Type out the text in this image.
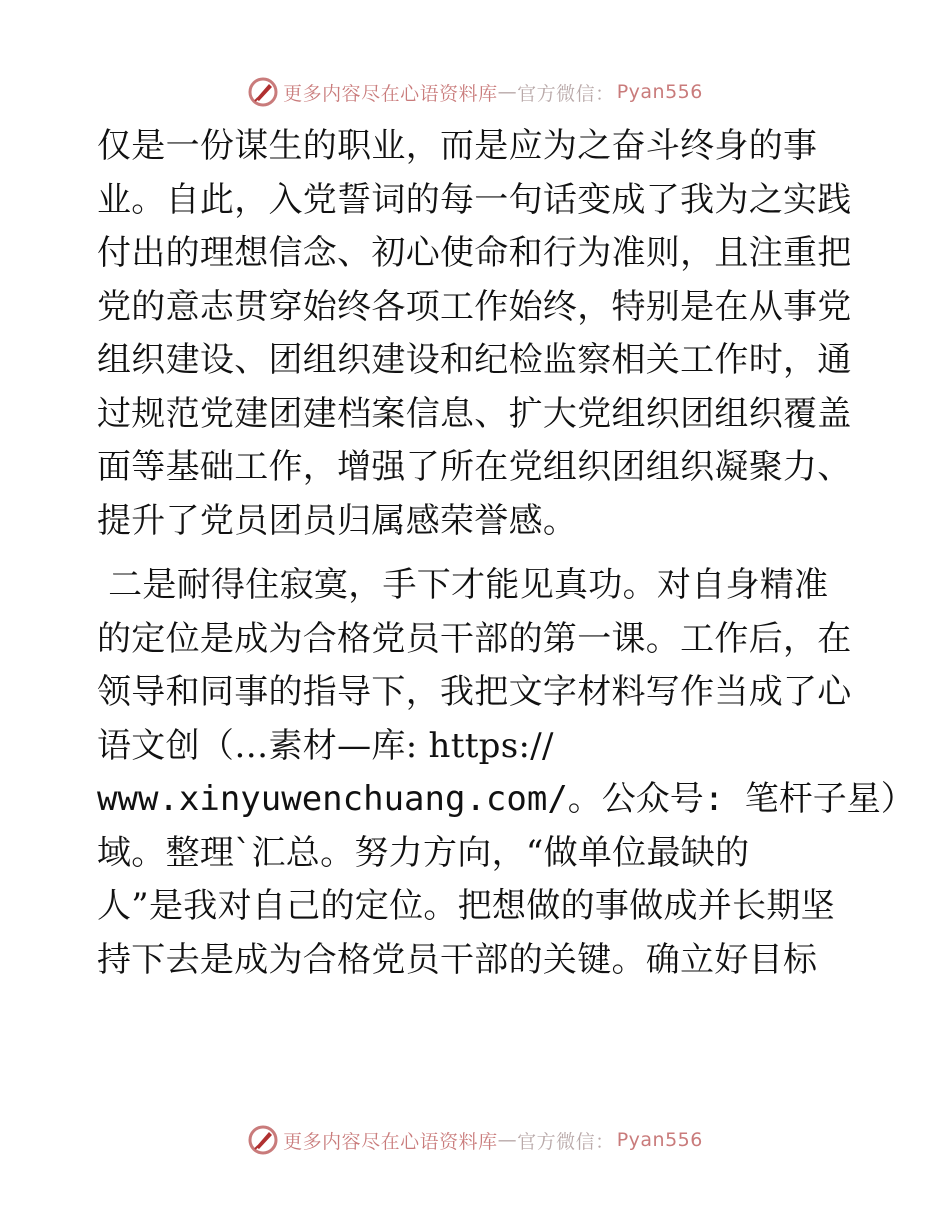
更多内容尽在心语资料库 — 官方微信： Pyan556

仅是一份谋生的职业，而是应为之奋斗终身的事
业。自此，入党誓词的每一句话变成了我为之实践
付出的理想信念、初心使命和行为准则，且注重把
党的意志贯穿始终各项工作始终，特别是在从事党
组织建设、团组织建设和纪检监察相关工作时，通
过规范党建团建档案信息、扩大党组织团组织覆盖
面等基础工作，增强了所在党组织团组织凝聚力、
提升了党员团员归属感荣誉感。

二是耐得住寂寞，手下才能见真功。对自身精准
的定位是成为合格党员干部的第一课。工作后，在
领导和同事的指导下，我把文字材料写作当成了心
语文创（…素材—库: https://
www.xinyuwenchuang.com/。公众号: 笔杆子星）
域。整理`汇总。努力方向，“做单位最缺的
人”是我对自己的定位。把想做的事做成并长期坚
持下去是成为合格党员干部的关键。确立好目标

更多内容尽在心语资料库 — 官方微信： Pyan556
